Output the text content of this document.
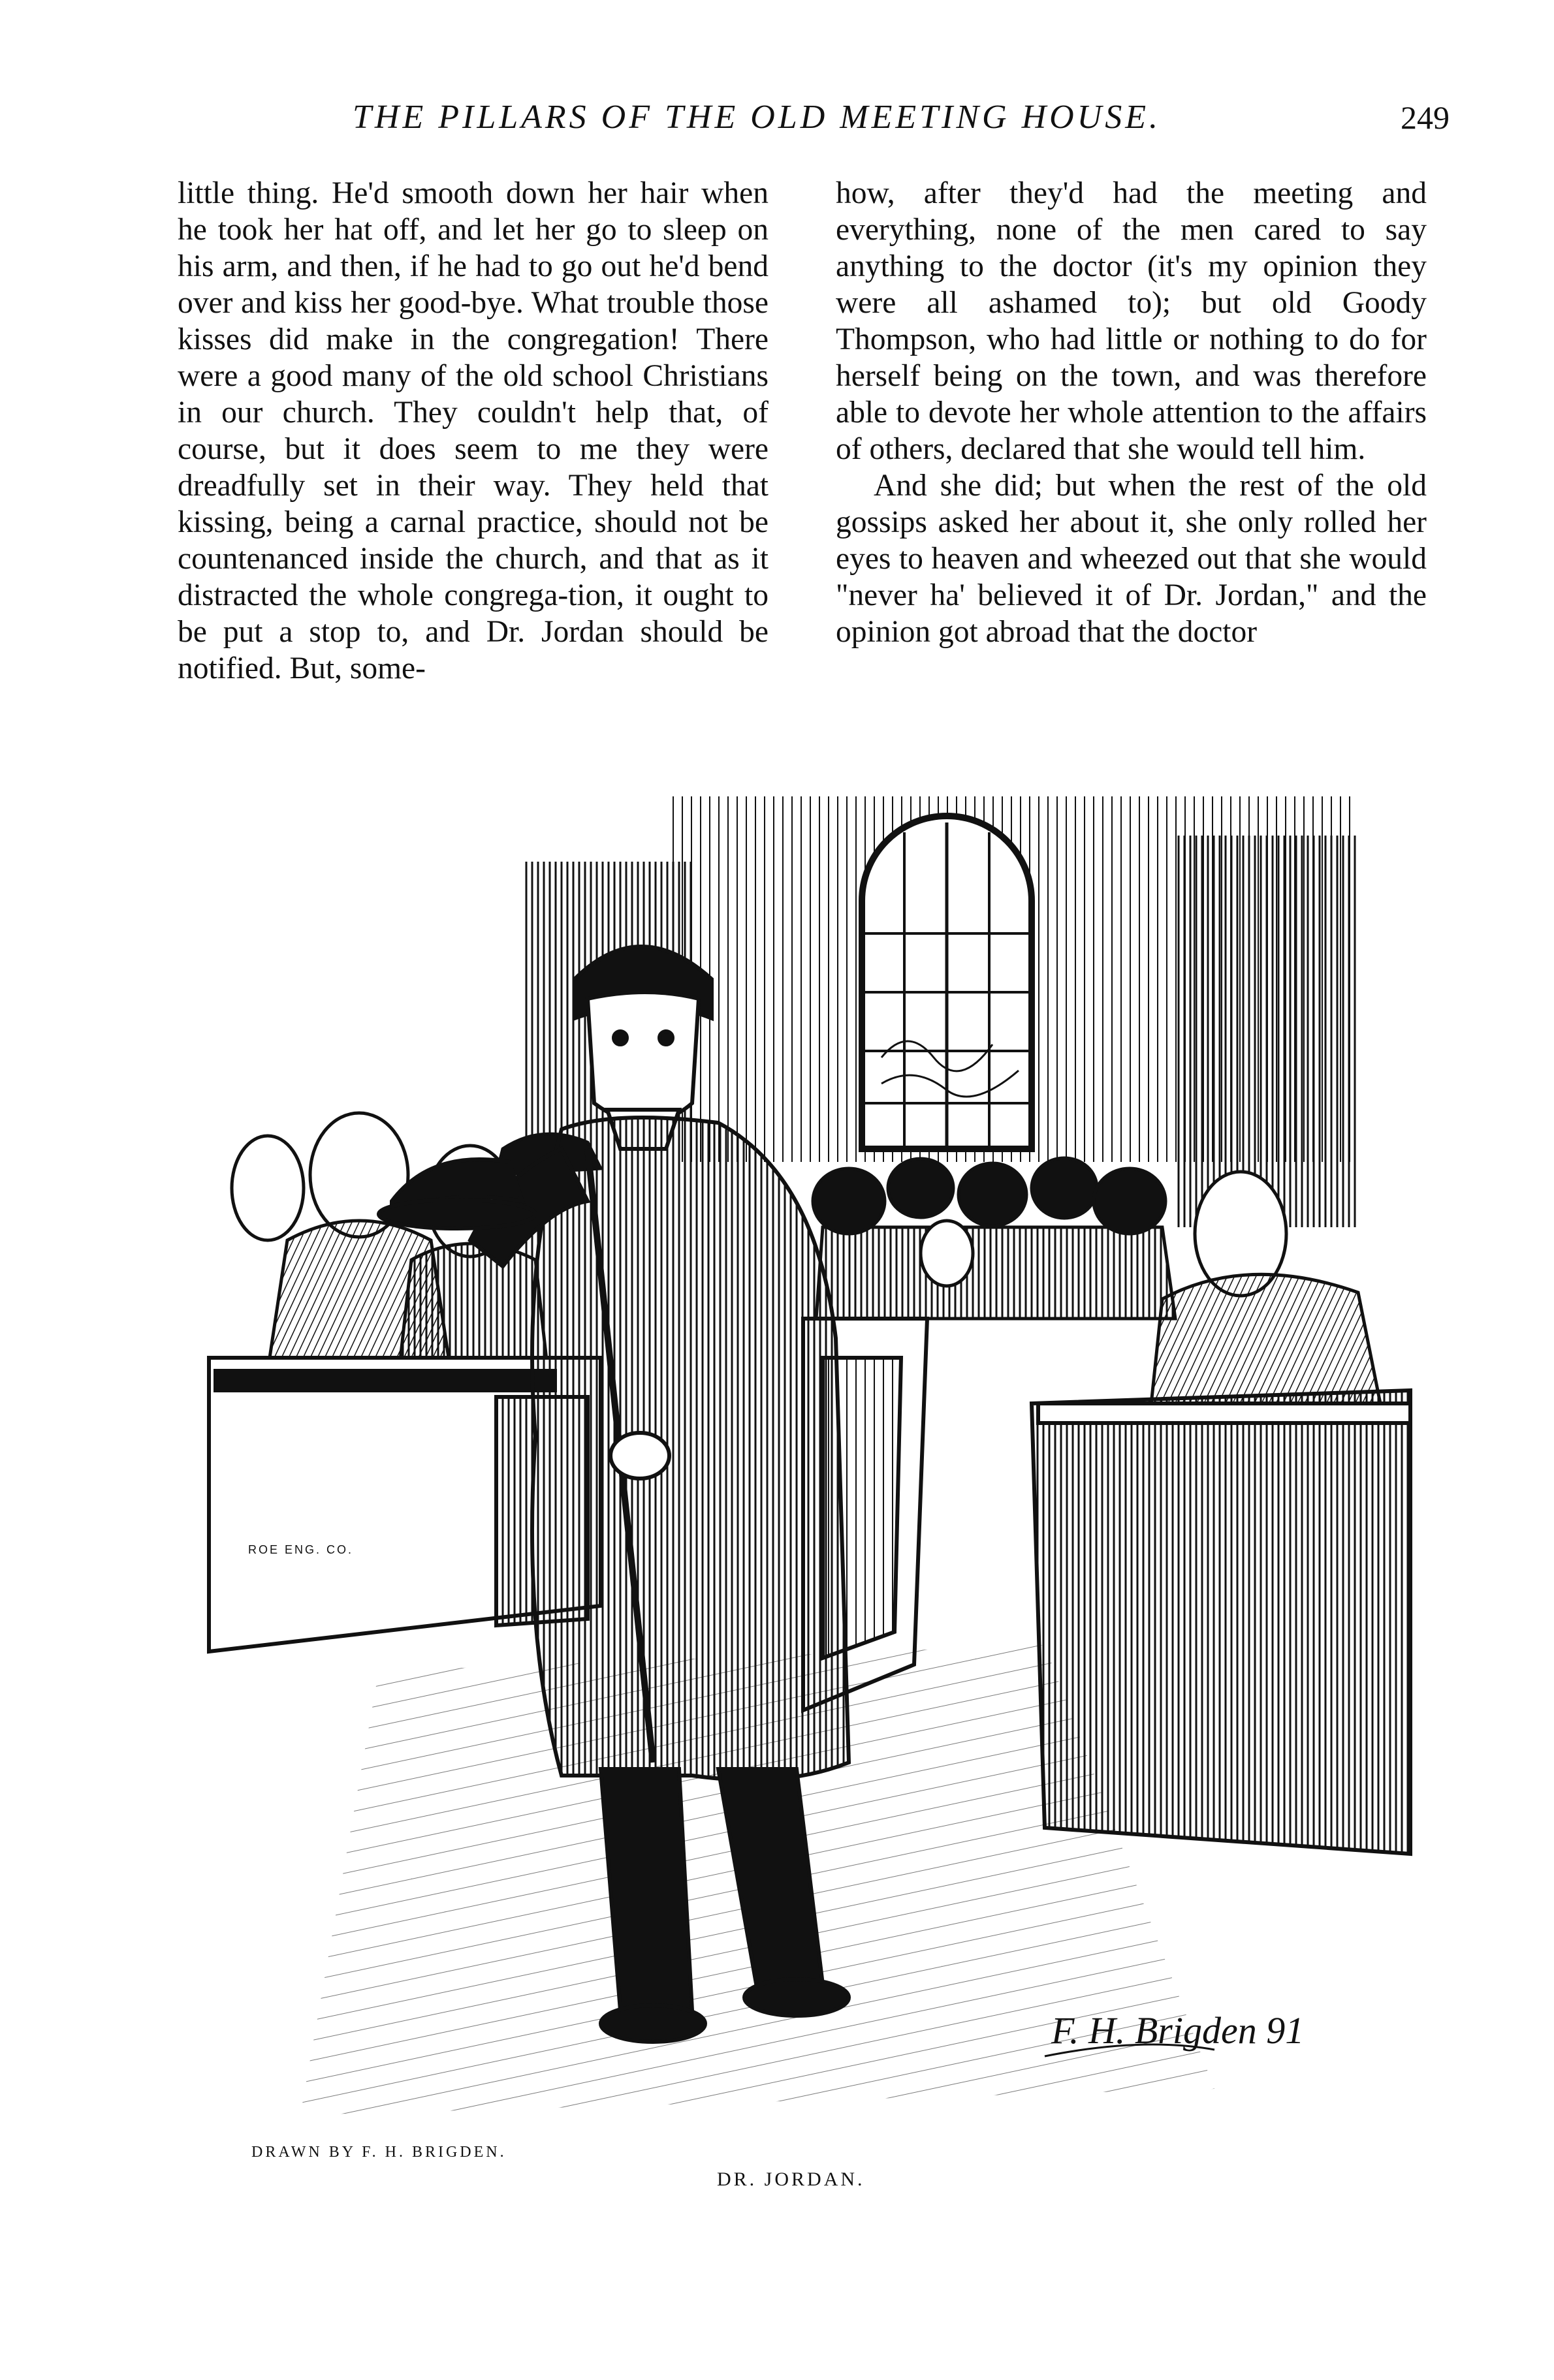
THE PILLARS OF THE OLD MEETING HOUSE.	249

little thing. He'd smooth down her hair when he took her hat off, and let her go to sleep on his arm, and then, if he had to go out he'd bend over and kiss her good-bye. What trouble those kisses did make in the congregation! There were a good many of the old school Christians in our church. They couldn't help that, of course, but it does seem to me they were dreadfully set in their way. They held that kissing, being a carnal practice, should not be countenanced inside the church, and that as it distracted the whole congrega-tion, it ought to be put a stop to, and Dr. Jordan should be notified. But, some-

how, after they'd had the meeting and everything, none of the men cared to say anything to the doctor (it's my opinion they were all ashamed to); but old Goody Thompson, who had little or nothing to do for herself being on the town, and was therefore able to devote her whole attention to the affairs of others, declared that she would tell him.

And she did; but when the rest of the old gossips asked her about it, she only rolled her eyes to heaven and wheezed out that she would "never ha' believed it of Dr. Jordan," and the opinion got abroad that the doctor

ROE ENG. CO.
F. H. Brigden 91
DRAWN BY F. H. BRIGDEN.
DR. JORDAN.
